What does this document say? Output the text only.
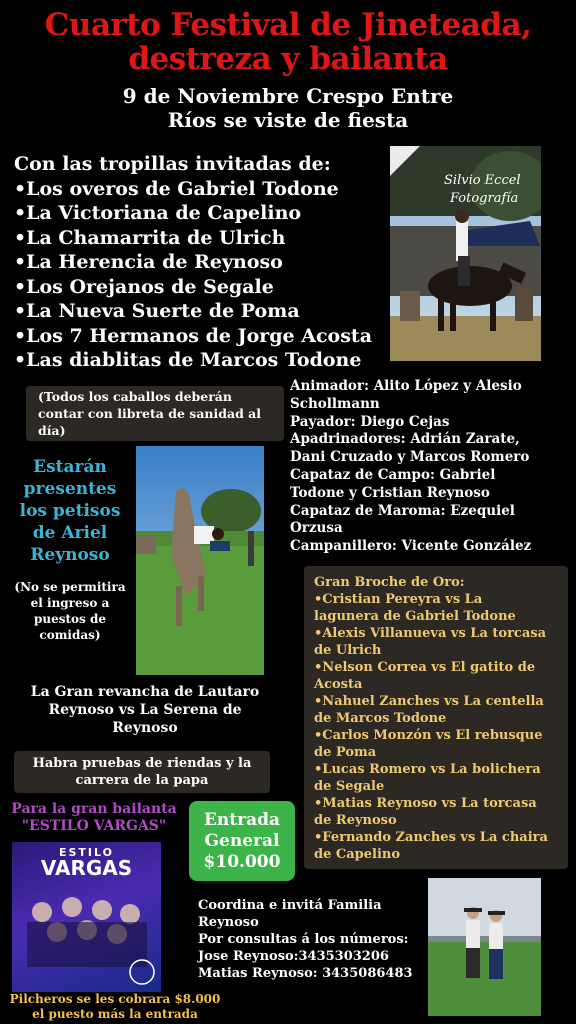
Cuarto Festival de Jineteada,
destreza y bailanta
9 de Noviembre Crespo Entre
Ríos se viste de fiesta
Con las tropillas invitadas de:
•Los overos de Gabriel Todone
•La Victoriana de Capelino
•La Chamarrita de Ulrich
•La Herencia de Reynoso
•Los Orejanos de Segale
•La Nueva Suerte de Poma
•Los 7 Hermanos de Jorge Acosta
•Las diablitas de Marcos Todone
Silvio Eccel
Fotografía
(Todos los caballos deberán
contar con libreta de sanidad al
día)
Animador: Alito López y Alesio
Schollmann
Payador: Diego Cejas
Apadrinadores: Adrián Zarate,
Dani Cruzado y Marcos Romero
Capataz de Campo: Gabriel
Todone y Cristian Reynoso
Capataz de Maroma: Ezequiel
Orzusa
Campanillero: Vicente González
Estarán
presentes
los petisos
de Ariel
Reynoso
(No se permitira
el ingreso a
puestos de
comidas)
La Gran revancha de Lautaro
Reynoso vs La Serena de
Reynoso
Habra pruebas de riendas y la
carrera de la papa
Gran Broche de Oro:
•Cristian Pereyra vs La
lagunera de Gabriel Todone
•Alexis Villanueva vs La torcasa
de Ulrich
•Nelson Correa vs El gatito de
Acosta
•Nahuel Zanches vs La centella
de Marcos Todone
•Carlos Monzón vs El rebusque
de Poma
•Lucas Romero vs La bolichera
de Segale
•Matias Reynoso vs La torcasa
de Reynoso
•Fernando Zanches vs La chaira
de Capelino
Para la gran bailanta
"ESTILO VARGAS"
ESTILO
VARGAS
Entrada
General
$10.000
Coordina e invitá Familia
Reynoso
Por consultas á los números:
Jose Reynoso:3435303206
Matias Reynoso: 3435086483
Pilcheros se les cobrara $8.000
el puesto más la entrada
